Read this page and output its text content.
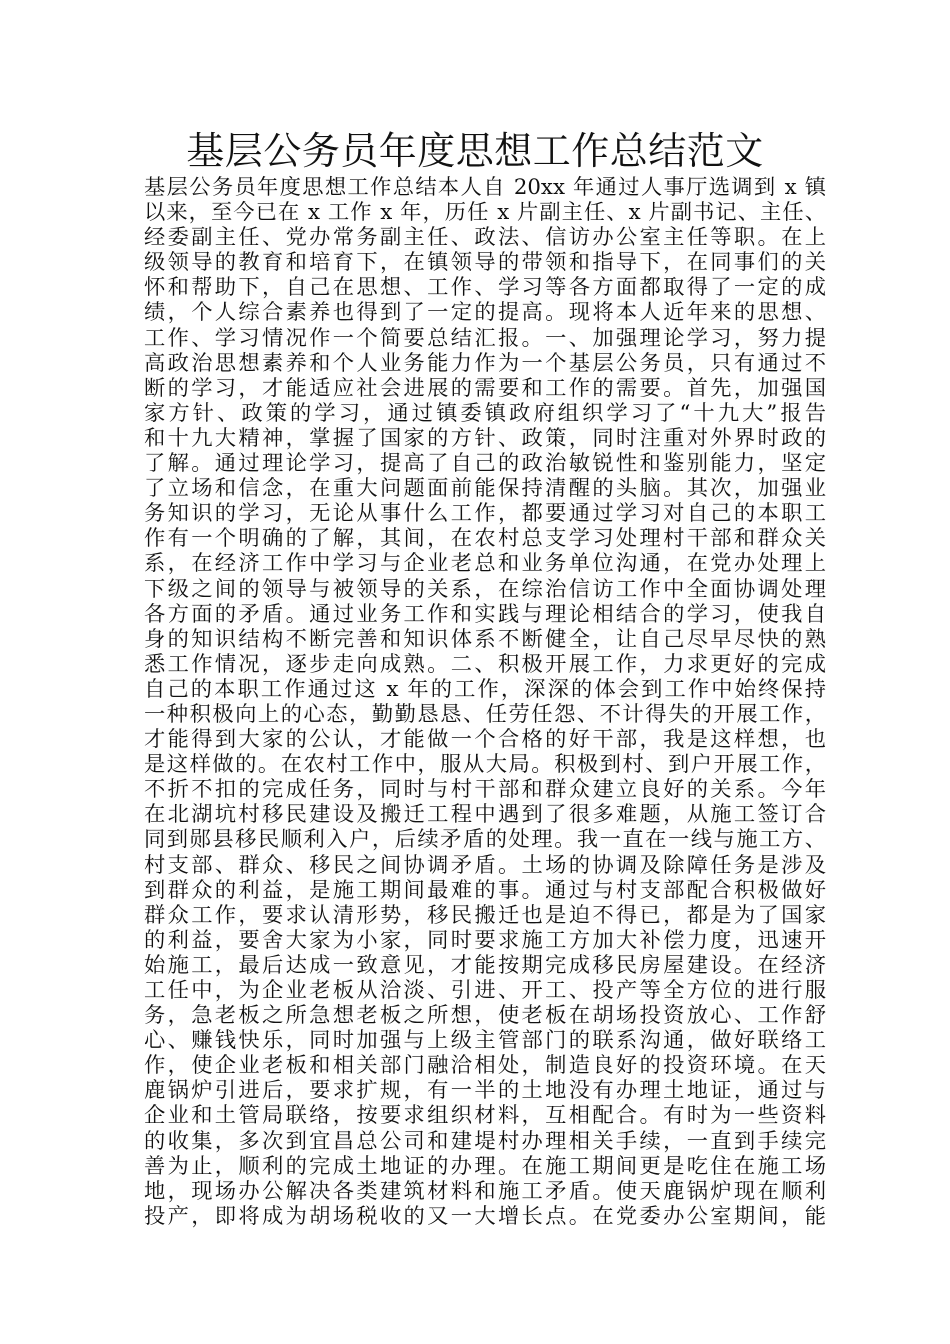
基层公务员年度思想工作总结范文
基层公务员年度思想工作总结本人自 20xx 年通过人事厅选调到 x 镇
以来，至今已在 x 工作 x 年，历任 x 片副主任、x 片副书记、主任、
经委副主任、党办常务副主任、政法、信访办公室主任等职。在上
级领导的教育和培育下，在镇领导的带领和指导下，在同事们的关
怀和帮助下，自己在思想、工作、学习等各方面都取得了一定的成
绩，个人综合素养也得到了一定的提高。现将本人近年来的思想、
工作、学习情况作一个简要总结汇报。一、加强理论学习，努力提
高政治思想素养和个人业务能力作为一个基层公务员，只有通过不
断的学习，才能适应社会进展的需要和工作的需要。首先，加强国
家方针、政策的学习，通过镇委镇政府组织学习了“十九大”报告
和十九大精神，掌握了国家的方针、政策，同时注重对外界时政的
了解。通过理论学习，提高了自己的政治敏锐性和鉴别能力，坚定
了立场和信念，在重大问题面前能保持清醒的头脑。其次，加强业
务知识的学习，无论从事什么工作，都要通过学习对自己的本职工
作有一个明确的了解，其间，在农村总支学习处理村干部和群众关
系，在经济工作中学习与企业老总和业务单位沟通，在党办处理上
下级之间的领导与被领导的关系，在综治信访工作中全面协调处理
各方面的矛盾。通过业务工作和实践与理论相结合的学习，使我自
身的知识结构不断完善和知识体系不断健全，让自己尽早尽快的熟
悉工作情况，逐步走向成熟。二、积极开展工作，力求更好的完成
自己的本职工作通过这 x 年的工作，深深的体会到工作中始终保持
一种积极向上的心态，勤勤恳恳、任劳任怨、不计得失的开展工作，
才能得到大家的公认，才能做一个合格的好干部，我是这样想，也
是这样做的。在农村工作中，服从大局。积极到村、到户开展工作，
不折不扣的完成任务，同时与村干部和群众建立良好的关系。今年
在北湖坑村移民建设及搬迁工程中遇到了很多难题，从施工签订合
同到郧县移民顺利入户，后续矛盾的处理。我一直在一线与施工方、
村支部、群众、移民之间协调矛盾。土场的协调及除障任务是涉及
到群众的利益，是施工期间最难的事。通过与村支部配合积极做好
群众工作，要求认清形势，移民搬迁也是迫不得已，都是为了国家
的利益，要舍大家为小家，同时要求施工方加大补偿力度，迅速开
始施工，最后达成一致意见，才能按期完成移民房屋建设。在经济
工任中，为企业老板从洽淡、引进、开工、投产等全方位的进行服
务，急老板之所急想老板之所想，使老板在胡场投资放心、工作舒
心、赚钱快乐，同时加强与上级主管部门的联系沟通，做好联络工
作，使企业老板和相关部门融洽相处，制造良好的投资环境。在天
鹿锅炉引进后，要求扩规，有一半的土地没有办理土地证，通过与
企业和土管局联络，按要求组织材料，互相配合。有时为一些资料
的收集，多次到宜昌总公司和建堤村办理相关手续，一直到手续完
善为止，顺利的完成土地证的办理。在施工期间更是吃住在施工场
地，现场办公解决各类建筑材料和施工矛盾。使天鹿锅炉现在顺利
投产，即将成为胡场税收的又一大增长点。在党委办公室期间，能
